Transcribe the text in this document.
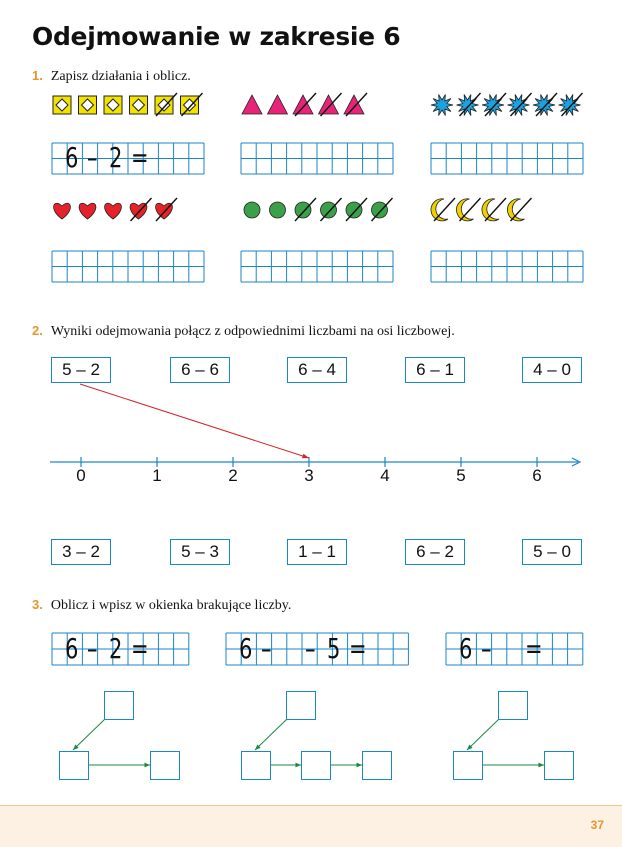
Odejmowanie w zakresie 6
1. Zapisz działania i oblicz.
6 – 2 =
2. Wyniki odejmowania połącz z odpowiednimi liczbami na osi liczbowej.
5 – 2	6 – 6	6 – 4	6 – 1	4 – 0
3 – 2	5 – 3	1 – 1	6 – 2	5 – 0
0	1	2	3	4	5	6
3. Oblicz i wpisz w okienka brakujące liczby.
6 – 2 =	6 – – 5 =	6 – =
37
